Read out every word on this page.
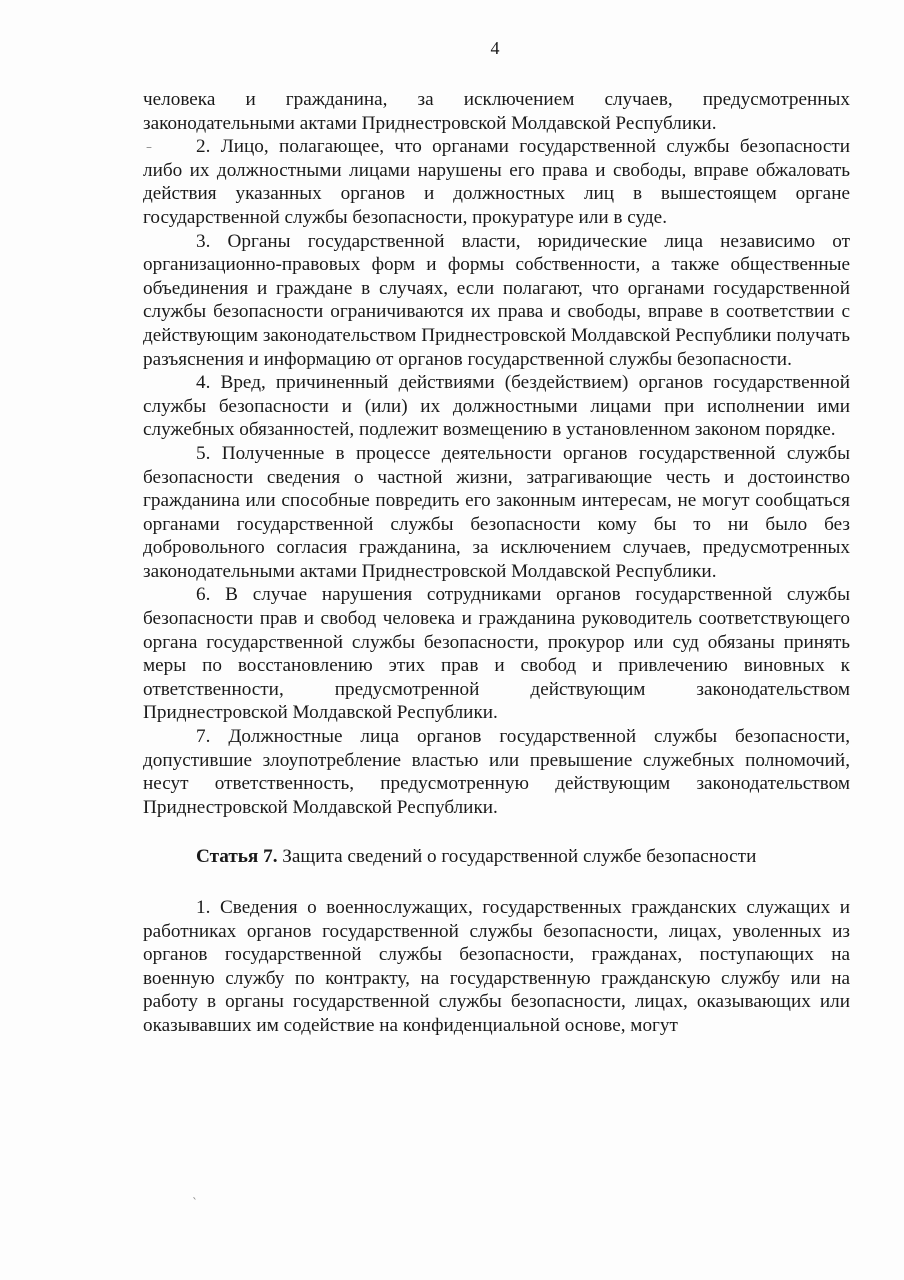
4

человека и гражданина, за исключением случаев, предусмотренных законодательными актами Приднестровской Молдавской Республики.

2. Лицо, полагающее, что органами государственной службы безопасности либо их должностными лицами нарушены его права и свободы, вправе обжаловать действия указанных органов и должностных лиц в вышестоящем органе государственной службы безопасности, прокуратуре или в суде.

3. Органы государственной власти, юридические лица независимо от организационно-правовых форм и формы собственности, а также общественные объединения и граждане в случаях, если полагают, что органами государственной службы безопасности ограничиваются их права и свободы, вправе в соответствии с действующим законодательством Приднестровской Молдавской Республики получать разъяснения и информацию от органов государственной службы безопасности.

4. Вред, причиненный действиями (бездействием) органов государственной службы безопасности и (или) их должностными лицами при исполнении ими служебных обязанностей, подлежит возмещению в установленном законом порядке.

5. Полученные в процессе деятельности органов государственной службы безопасности сведения о частной жизни, затрагивающие честь и достоинство гражданина или способные повредить его законным интересам, не могут сообщаться органами государственной службы безопасности кому бы то ни было без добровольного согласия гражданина, за исключением случаев, предусмотренных законодательными актами Приднестровской Молдавской Республики.

6. В случае нарушения сотрудниками органов государственной службы безопасности прав и свобод человека и гражданина руководитель соответствующего органа государственной службы безопасности, прокурор или суд обязаны принять меры по восстановлению этих прав и свобод и привлечению виновных к ответственности, предусмотренной действующим законодательством Приднестровской Молдавской Республики.

7. Должностные лица органов государственной службы безопасности, допустившие злоупотребление властью или превышение служебных полномочий, несут ответственность, предусмотренную действующим законодательством Приднестровской Молдавской Республики.

Статья 7. Защита сведений о государственной службе безопасности

1. Сведения о военнослужащих, государственных гражданских служащих и работниках органов государственной службы безопасности, лицах, уволенных из органов государственной службы безопасности, гражданах, поступающих на военную службу по контракту, на государственную гражданскую службу или на работу в органы государственной службы безопасности, лицах, оказывающих или оказывавших им содействие на конфиденциальной основе, могут

–
ˋ
